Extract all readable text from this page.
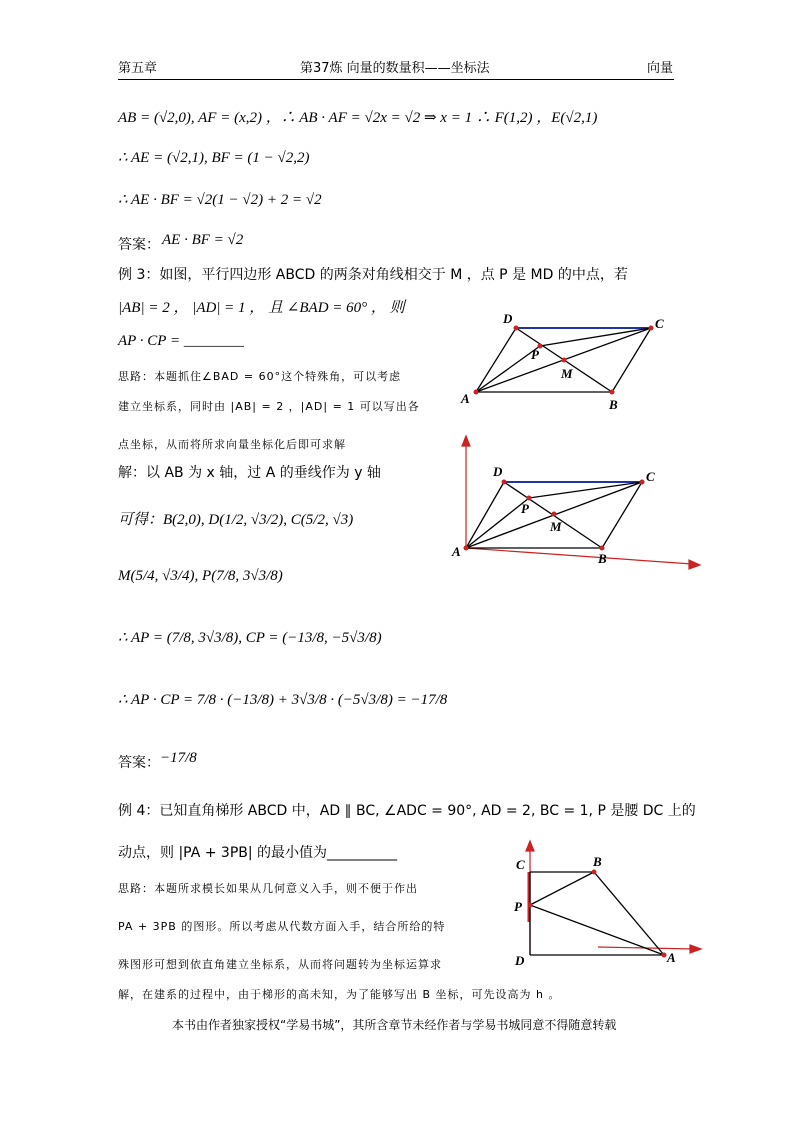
第五章	第37炼 向量的数量积——坐标法	向量
AB = (√2,0), AF = (x,2) ，∴ AB · AF = √2x = √2 ⇒ x = 1 ∴ F(1,2) ，E(√2,1)
∴ AE = (√2,1), BF = (1 − √2,2)
∴ AE · BF = √2(1 − √2) + 2 = √2
答案： AE · BF = √2
例 3：如图，平行四边形 ABCD 的两条对角线相交于 M ，点 P 是 MD 的中点，若
|AB| = 2 ， |AD| = 1 ， 且 ∠BAD = 60° ， 则
AP · CP = ________
思路：本题抓住∠BAD = 60°这个特殊角，可以考虑
建立坐标系，同时由 |AB| = 2 ，|AD| = 1 可以写出各
点坐标，从而将所求向量坐标化后即可求解
解：以 AB 为 x 轴，过 A 的垂线作为 y 轴
可得：B(2,0), D(1/2, √3/2), C(5/2, √3)
M(5/4, √3/4), P(7/8, 3√3/8)
∴ AP = (7/8, 3√3/8), CP = (−13/8, −5√3/8)
∴ AP · CP = 7/8 · (−13/8) + 3√3/8 · (−5√3/8) = −17/8
答案： −17/8
例 4：已知直角梯形 ABCD 中，AD ∥ BC, ∠ADC = 90°, AD = 2, BC = 1, P 是腰 DC 上的
动点，则 |PA + 3PB| 的最小值为__________
思路：本题所求模长如果从几何意义入手，则不便于作出
PA + 3PB 的图形。所以考虑从代数方面入手，结合所给的特
殊图形可想到依直角建立坐标系，从而将问题转为坐标运算求
解，在建系的过程中，由于梯形的高未知，为了能够写出 B 坐标，可先设高为 h 。
A	B
C
D
P
M
A	B
C
D
P
M
A
B
C
D
P
本书由作者独家授权“学易书城”，其所含章节未经作者与学易书城同意不得随意转载
